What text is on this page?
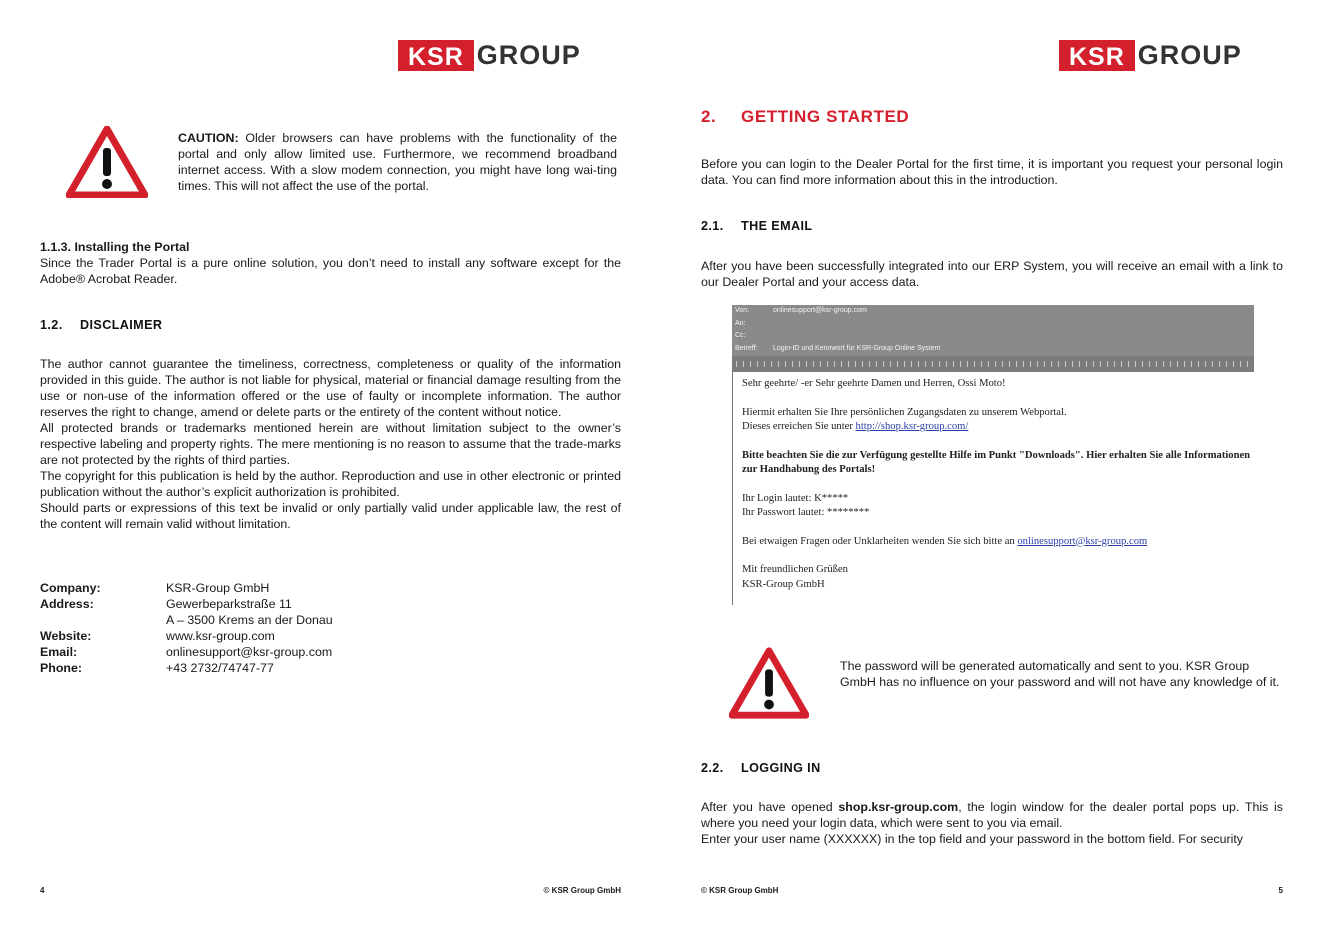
KSR GROUP
CAUTION: Older browsers can have problems with the functionality of the portal and only allow limited use. Furthermore, we recommend broadband internet access. With a slow modem connection, you might have long wai-ting times. This will not affect the use of the portal.
1.1.3. Installing the Portal
Since the Trader Portal is a pure online solution, you don’t need to install any software except for the Adobe® Acrobat Reader.
1.2. DISCLAIMER
The author cannot guarantee the timeliness, correctness, completeness or quality of the information provided in this guide. The author is not liable for physical, material or financial damage resulting from the use or non-use of the information offered or the use of faulty or incomplete information. The author reserves the right to change, amend or delete parts or the entirety of the content without notice.
All protected brands or trademarks mentioned herein are without limitation subject to the owner’s respective labeling and property rights. The mere mentioning is no reason to assume that the trade-marks are not protected by the rights of third parties.
The copyright for this publication is held by the author. Reproduction and use in other electronic or printed publication without the author’s explicit authorization is prohibited.
Should parts or expressions of this text be invalid or only partially valid under applicable law, the rest of the content will remain valid without limitation.
Company:	KSR-Group GmbH
Address:	Gewerbeparkstraße 11
A – 3500 Krems an der Donau
Website:	www.ksr-group.com
Email:	onlinesupport@ksr-group.com
Phone:	+43 2732/74747-77
4	© KSR Group GmbH
KSR GROUP
2. GETTING STARTED
Before you can login to the Dealer Portal for the first time, it is important you request your personal login data. You can find more information about this in the introduction.
2.1. THE EMAIL
After you have been successfully integrated into our ERP System, you will receive an email with a link to our Dealer Portal and your access data.
Von:	onlinesupport@ksr-group.com
An:
Cc:
Betreff:	Login-ID und Kennwort für KSR-Group Online System

Sehr geehrte/ -er Sehr geehrte Damen und Herren, Ossi Moto!

Hiermit erhalten Sie Ihre persönlichen Zugangsdaten zu unserem Webportal.
Dieses erreichen Sie unter http://shop.ksr-group.com/

Bitte beachten Sie die zur Verfügung gestellte Hilfe im Punkt "Downloads". Hier erhalten Sie alle Informationen zur Handhabung des Portals!

Ihr Login lautet: K*****
Ihr Passwort lautet: ********

Bei etwaigen Fragen oder Unklarheiten wenden Sie sich bitte an onlinesupport@ksr-group.com

Mit freundlichen Grüßen
KSR-Group GmbH

The password will be generated automatically and sent to you. KSR Group GmbH has no influence on your password and will not have any knowledge of it.
2.2. LOGGING IN
After you have opened shop.ksr-group.com, the login window for the dealer portal pops up. This is where you need your login data, which were sent to you via email.
Enter your user name (XXXXXX) in the top field and your password in the bottom field. For security
© KSR Group GmbH	5
